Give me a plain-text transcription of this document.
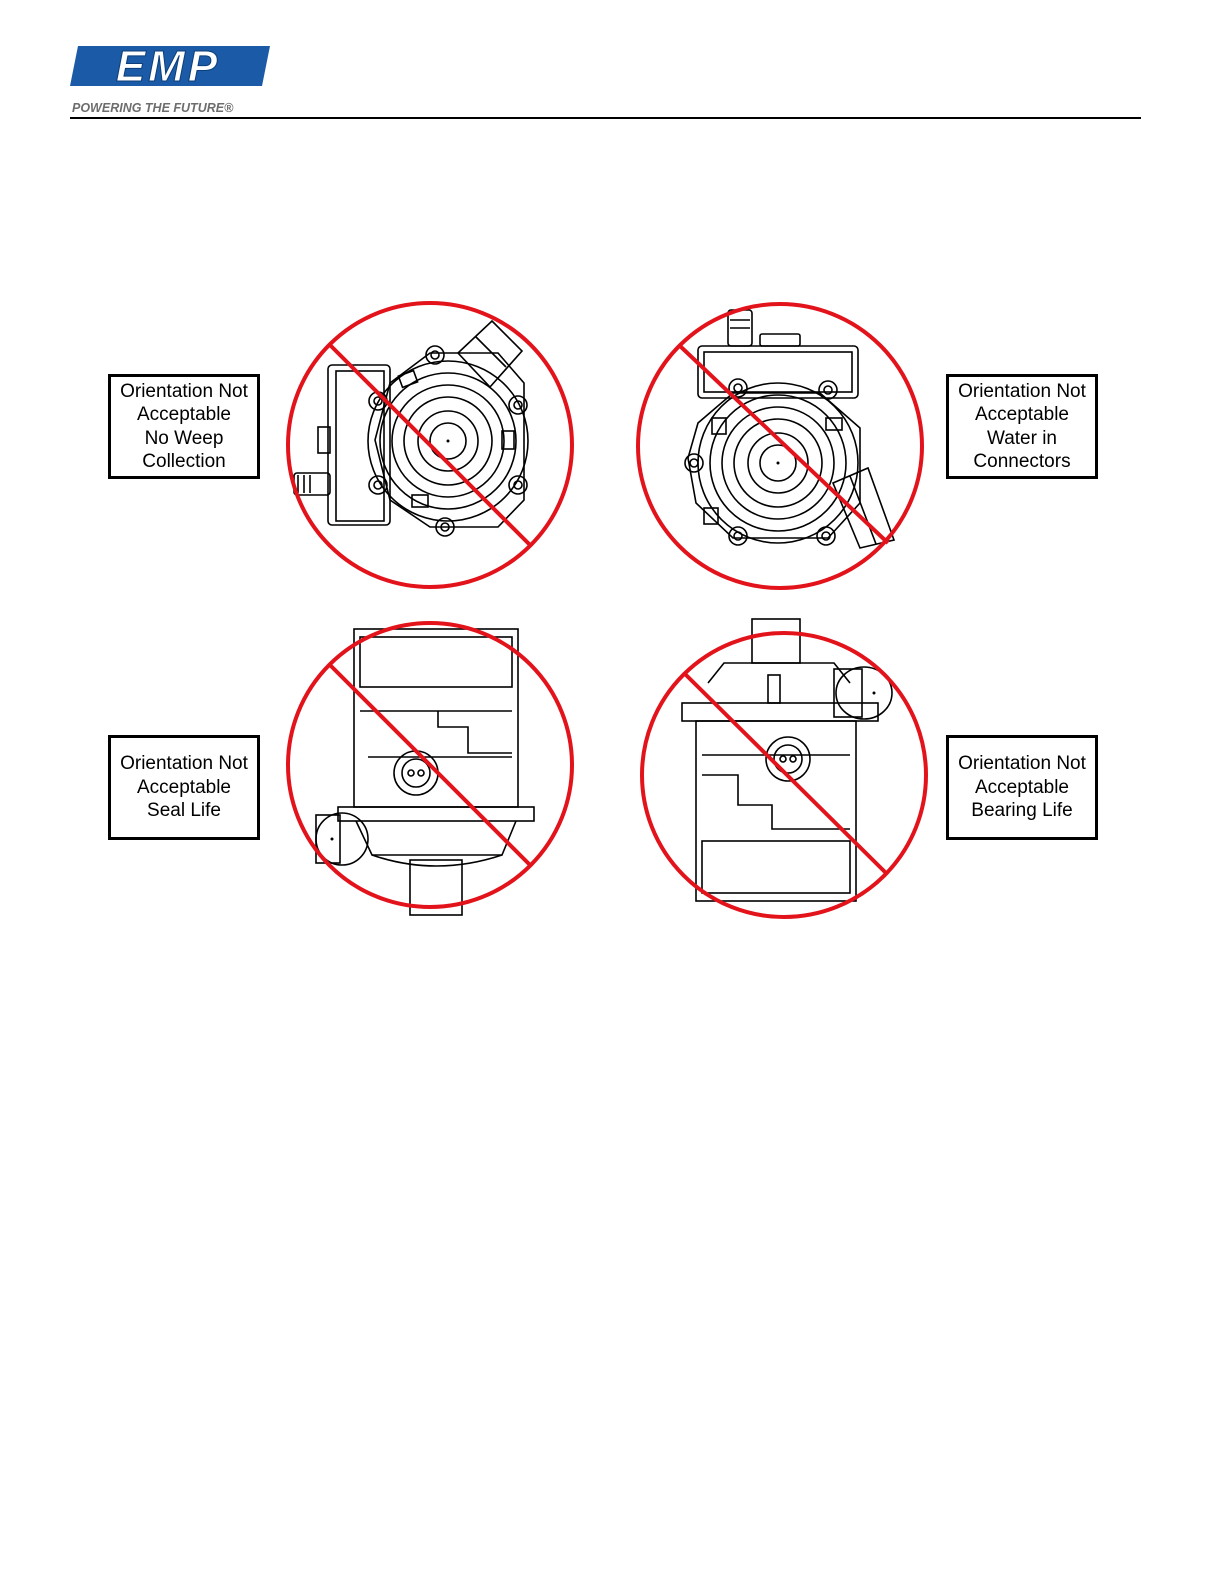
EMP
POWERING THE FUTURE®
Orientation Not
Acceptable
No Weep
Collection
Orientation Not
Acceptable
Water in
Connectors
Orientation Not
Acceptable
Seal Life
Orientation Not
Acceptable
Bearing Life
